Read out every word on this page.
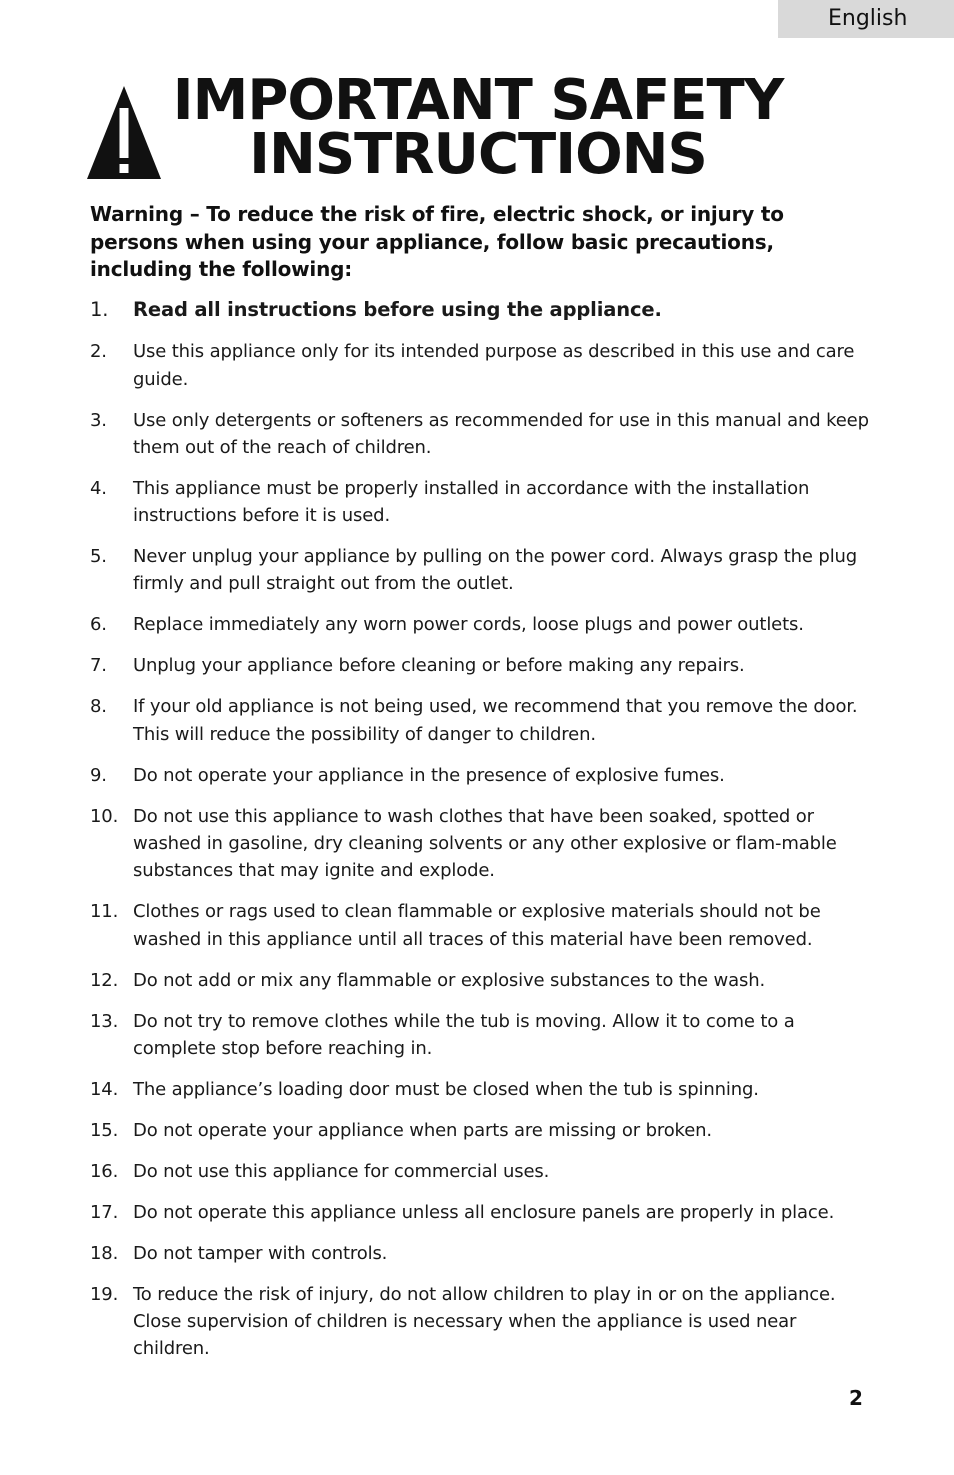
English
IMPORTANT SAFETY
INSTRUCTIONS
Warning – To reduce the risk of fire, electric shock, or injury to persons when using your appliance, follow basic precautions, including the following:
1. Read all instructions before using the appliance.
2. Use this appliance only for its intended purpose as described in this use and care guide.
3. Use only detergents or softeners as recommended for use in this manual and keep them out of the reach of children.
4. This appliance must be properly installed in accordance with the installation instructions before it is used.
5. Never unplug your appliance by pulling on the power cord. Always grasp the plug firmly and pull straight out from the outlet.
6. Replace immediately any worn power cords, loose plugs and power outlets.
7. Unplug your appliance before cleaning or before making any repairs.
8. If your old appliance is not being used, we recommend that you remove the door. This will reduce the possibility of danger to children.
9. Do not operate your appliance in the presence of explosive fumes.
10. Do not use this appliance to wash clothes that have been soaked, spotted or washed in gasoline, dry cleaning solvents or any other explosive or flam-mable substances that may ignite and explode.
11. Clothes or rags used to clean flammable or explosive materials should not be washed in this appliance until all traces of this material have been removed.
12. Do not add or mix any flammable or explosive substances to the wash.
13. Do not try to remove clothes while the tub is moving. Allow it to come to a complete stop before reaching in.
14. The appliance’s loading door must be closed when the tub is spinning.
15. Do not operate your appliance when parts are missing or broken.
16. Do not use this appliance for commercial uses.
17. Do not operate this appliance unless all enclosure panels are properly in place.
18. Do not tamper with controls.
19. To reduce the risk of injury, do not allow children to play in or on the appliance. Close supervision of children is necessary when the appliance is used near children.
2
